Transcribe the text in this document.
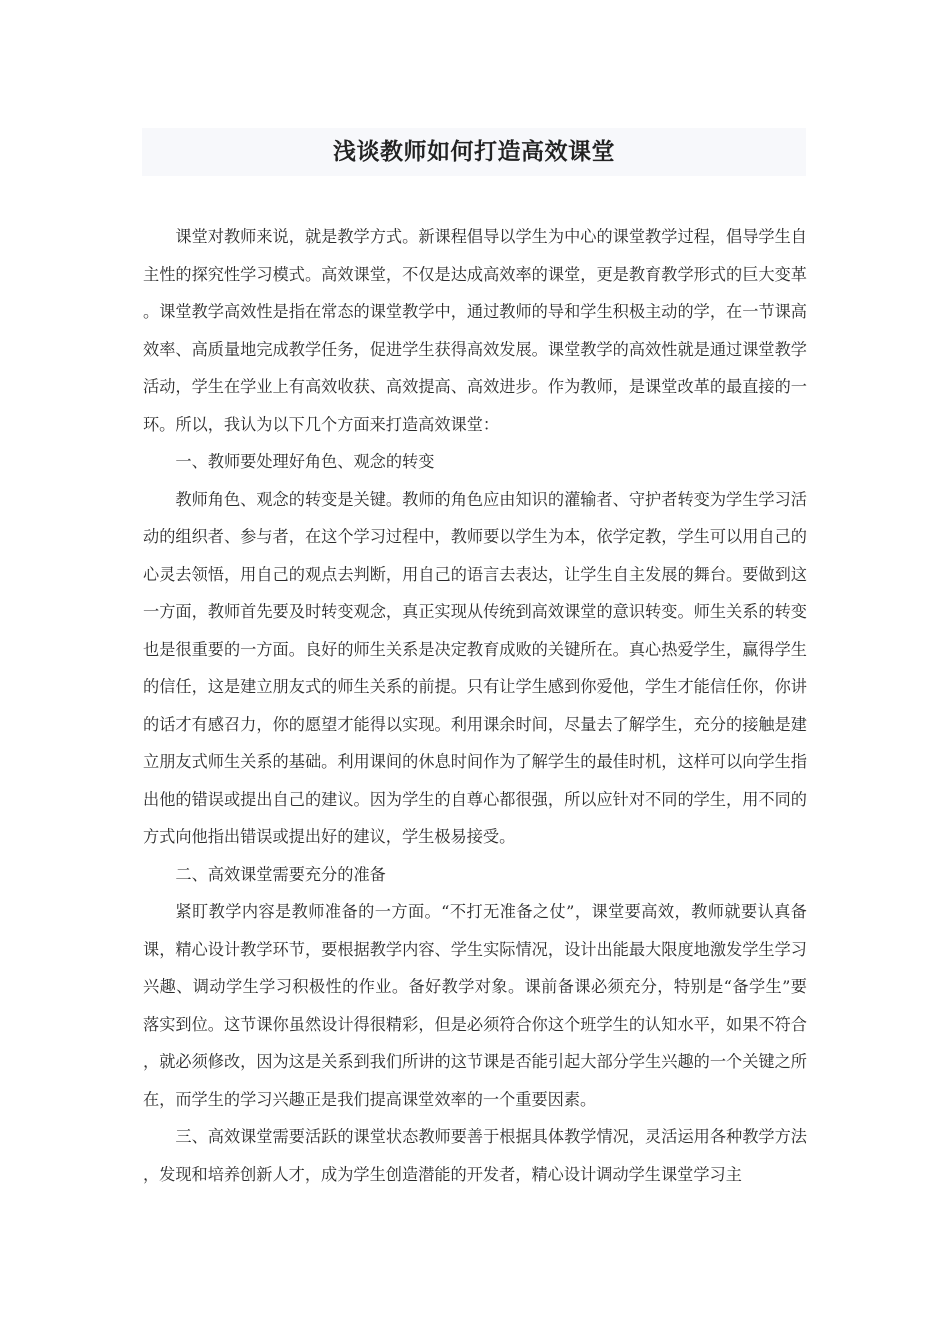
浅谈教师如何打造高效课堂

课堂对教师来说，就是教学方式。新课程倡导以学生为中心的课堂教学过程，倡导学生自主性的探究性学习模式。高效课堂，不仅是达成高效率的课堂，更是教育教学形式的巨大变革。课堂教学高效性是指在常态的课堂教学中，通过教师的导和学生积极主动的学，在一节课高效率、高质量地完成教学任务，促进学生获得高效发展。课堂教学的高效性就是通过课堂教学活动，学生在学业上有高效收获、高效提高、高效进步。作为教师，是课堂改革的最直接的一环。所以，我认为以下几个方面来打造高效课堂：

一、教师要处理好角色、观念的转变

教师角色、观念的转变是关键。教师的角色应由知识的灌输者、守护者转变为学生学习活动的组织者、参与者，在这个学习过程中，教师要以学生为本，依学定教，学生可以用自己的心灵去领悟，用自己的观点去判断，用自己的语言去表达，让学生自主发展的舞台。要做到这一方面，教师首先要及时转变观念，真正实现从传统到高效课堂的意识转变。师生关系的转变也是很重要的一方面。良好的师生关系是决定教育成败的关键所在。真心热爱学生，赢得学生的信任，这是建立朋友式的师生关系的前提。只有让学生感到你爱他，学生才能信任你，你讲的话才有感召力，你的愿望才能得以实现。利用课余时间，尽量去了解学生，充分的接触是建立朋友式师生关系的基础。利用课间的休息时间作为了解学生的最佳时机，这样可以向学生指出他的错误或提出自己的建议。因为学生的自尊心都很强，所以应针对不同的学生，用不同的方式向他指出错误或提出好的建议，学生极易接受。

二、高效课堂需要充分的准备

紧盯教学内容是教师准备的一方面。“不打无准备之仗”，课堂要高效，教师就要认真备课，精心设计教学环节，要根据教学内容、学生实际情况，设计出能最大限度地激发学生学习兴趣、调动学生学习积极性的作业。备好教学对象。课前备课必须充分，特别是“备学生”要落实到位。这节课你虽然设计得很精彩，但是必须符合你这个班学生的认知水平，如果不符合，就必须修改，因为这是关系到我们所讲的这节课是否能引起大部分学生兴趣的一个关键之所在，而学生的学习兴趣正是我们提高课堂效率的一个重要因素。

三、高效课堂需要活跃的课堂状态教师要善于根据具体教学情况，灵活运用各种教学方法，发现和培养创新人才，成为学生创造潜能的开发者，精心设计调动学生课堂学习主
